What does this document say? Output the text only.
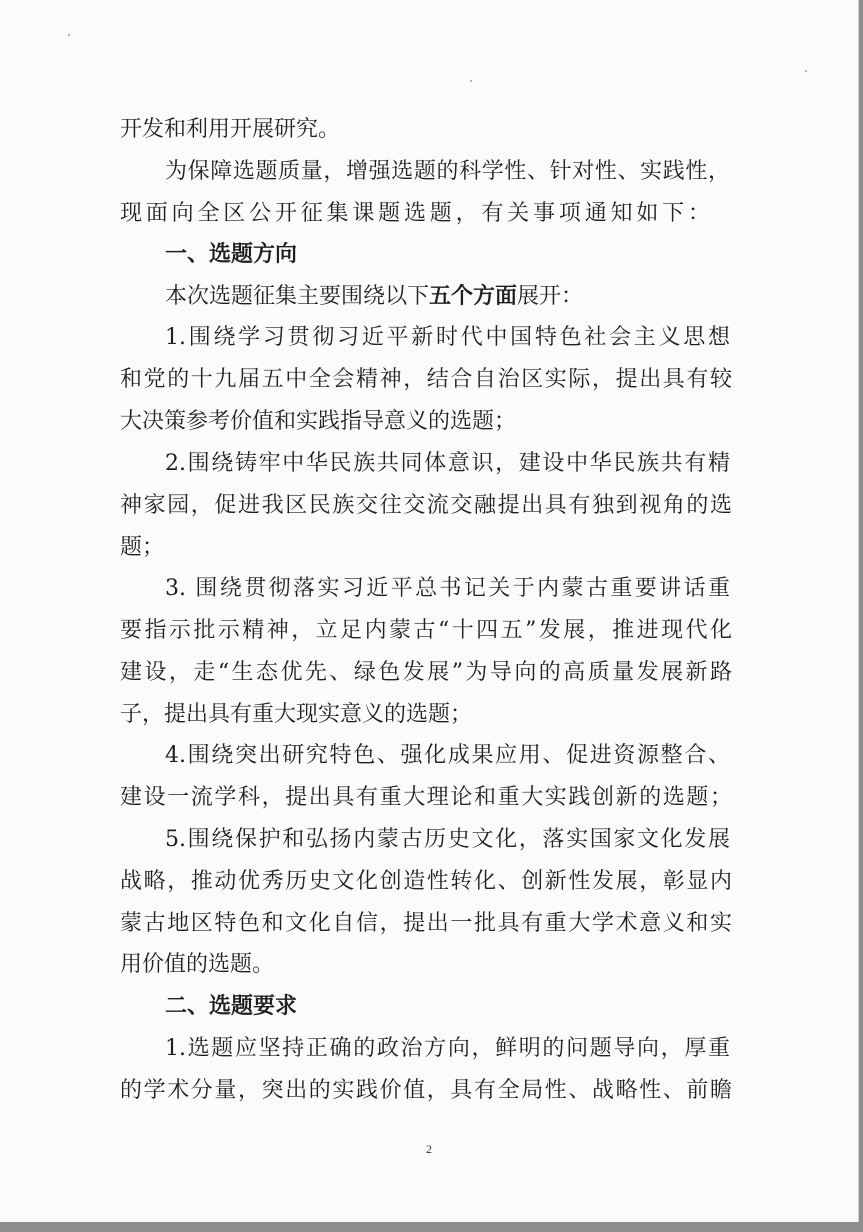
开发和利用开展研究。
为保障选题质量，增强选题的科学性、针对性、实践性，
现面向全区公开征集课题选题，有关事项通知如下：
一、选题方向
本次选题征集主要围绕以下五个方面展开：
1.围绕学习贯彻习近平新时代中国特色社会主义思想
和党的十九届五中全会精神，结合自治区实际，提出具有较
大决策参考价值和实践指导意义的选题；
2.围绕铸牢中华民族共同体意识，建设中华民族共有精
神家园，促进我区民族交往交流交融提出具有独到视角的选
题；
3. 围绕贯彻落实习近平总书记关于内蒙古重要讲话重
要指示批示精神，立足内蒙古“十四五”发展，推进现代化
建设，走“生态优先、绿色发展”为导向的高质量发展新路
子，提出具有重大现实意义的选题；
4.围绕突出研究特色、强化成果应用、促进资源整合、
建设一流学科，提出具有重大理论和重大实践创新的选题；
5.围绕保护和弘扬内蒙古历史文化，落实国家文化发展
战略，推动优秀历史文化创造性转化、创新性发展，彰显内
蒙古地区特色和文化自信，提出一批具有重大学术意义和实
用价值的选题。
二、选题要求
1.选题应坚持正确的政治方向，鲜明的问题导向，厚重
的学术分量，突出的实践价值，具有全局性、战略性、前瞻
2
